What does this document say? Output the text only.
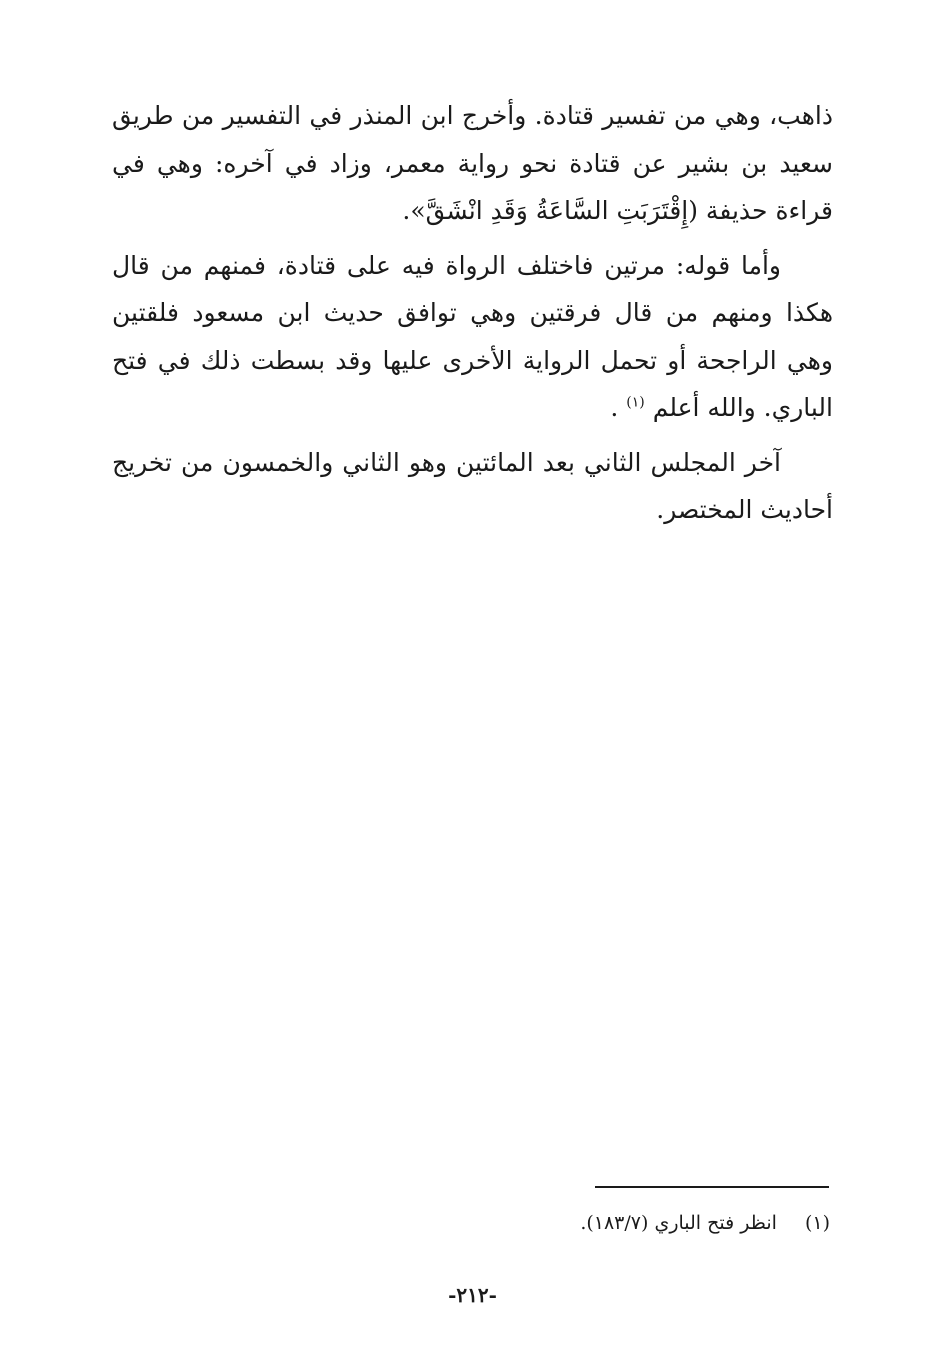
ذاهب، وهي من تفسير قتادة. وأخرج ابن المنذر في التفسير من طريق سعيد بن بشير عن قتادة نحو رواية معمر، وزاد في آخره: وهي في قراءة حذيفة (إِقْتَرَبَتِ السَّاعَةُ وَقَدِ انْشَقَّ».

وأما قوله: مرتين فاختلف الرواة فيه على قتادة، فمنهم من قال هكذا ومنهم من قال فرقتين وهي توافق حديث ابن مسعود فلقتين وهي الراجحة أو تحمل الرواية الأخرى عليها وقد بسطت ذلك في فتح الباري. والله أعلم $^{(١)}$ .

آخر المجلس الثاني بعد المائتين وهو الثاني والخمسون من تخريج أحاديث المختصر.

(١) انظر فتح الباري (١٨٣/٧).
-٢١٢-
